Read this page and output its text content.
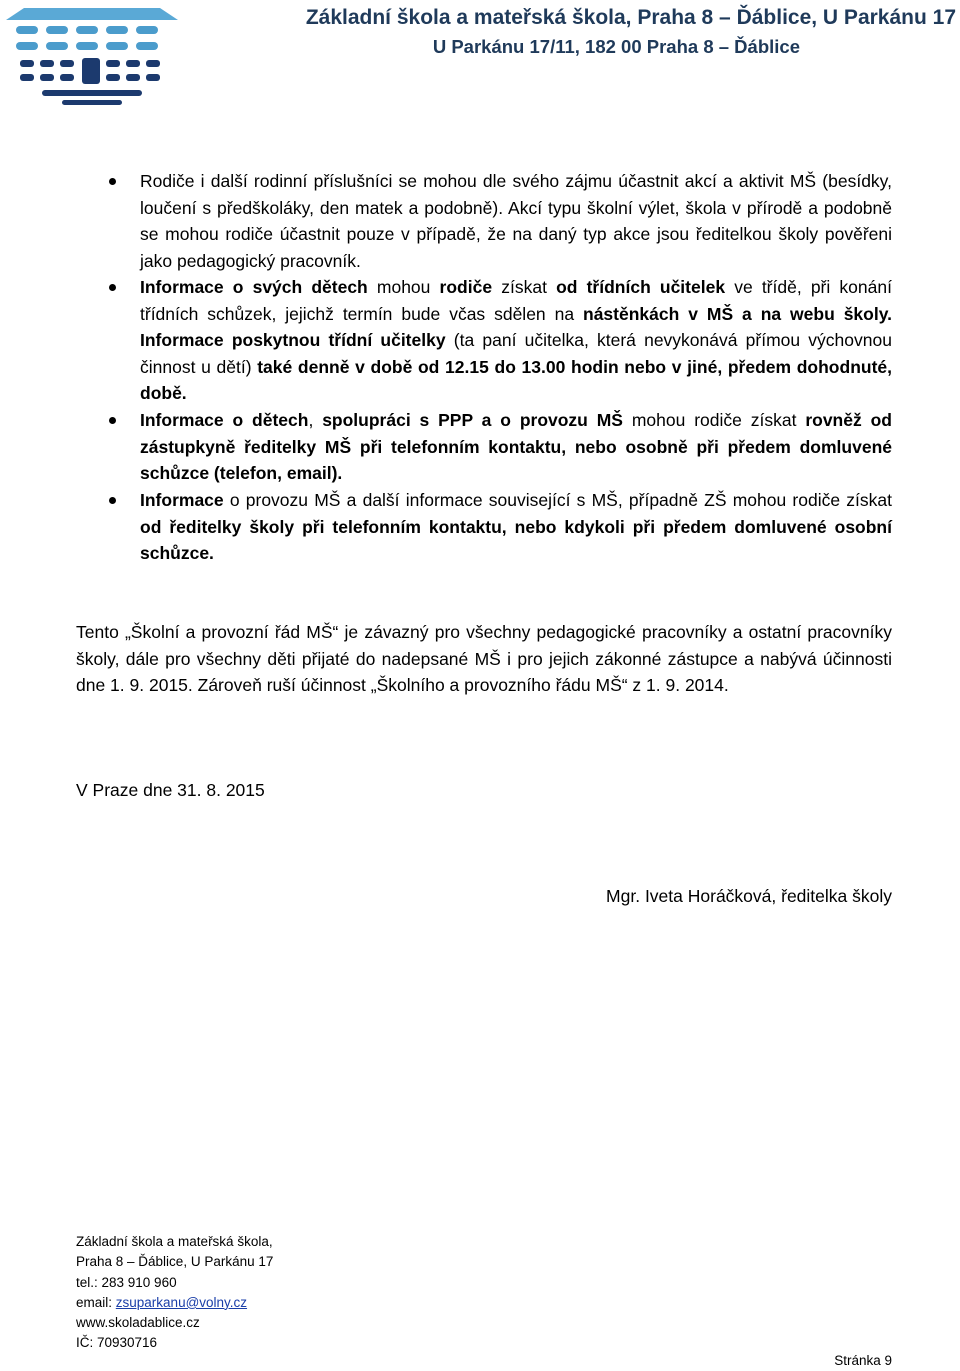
Základní škola a mateřská škola, Praha 8 – Ďáblice, U Parkánu 17
U Parkánu 17/11, 182 00 Praha 8 – Ďáblice
Rodiče i další rodinní příslušníci se mohou dle svého zájmu účastnit akcí a aktivit MŠ (besídky, loučení s předškoláky, den matek a podobně). Akcí typu školní výlet, škola v přírodě a podobně se mohou rodiče účastnit pouze v případě, že na daný typ akce jsou ředitelkou školy pověřeni jako pedagogický pracovník.
Informace o svých dětech mohou rodiče získat od třídních učitelek ve třídě, při konání třídních schůzek, jejichž termín bude včas sdělen na nástěnkách v MŠ a na webu školy. Informace poskytnou třídní učitelky (ta paní učitelka, která nevykonává přímou výchovnou činnost u dětí) také denně v době od 12.15 do 13.00 hodin nebo v jiné, předem dohodnuté, době.
Informace o dětech, spolupráci s PPP a o provozu MŠ mohou rodiče získat rovněž od zástupkyně ředitelky MŠ při telefonním kontaktu, nebo osobně při předem domluvené schůzce (telefon, email).
Informace o provozu MŠ a další informace související s MŠ, případně ZŠ mohou rodiče získat od ředitelky školy při telefonním kontaktu, nebo kdykoli při předem domluvené osobní schůzce.

Tento „Školní a provozní řád MŠ“ je závazný pro všechny pedagogické pracovníky a ostatní pracovníky školy, dále pro všechny děti přijaté do nadepsané MŠ i pro jejich zákonné zástupce a nabývá účinnosti dne 1. 9. 2015. Zároveň ruší účinnost „Školního a provozního řádu MŠ“ z 1. 9. 2014.

V Praze dne 31. 8. 2015
Mgr. Iveta Horáčková, ředitelka školy
Základní škola a mateřská škola,
Praha 8 – Ďáblice, U Parkánu 17
tel.: 283 910 960
email: zsuparkanu@volny.cz
www.skoladablice.cz
IČ: 70930716
Stránka 9
